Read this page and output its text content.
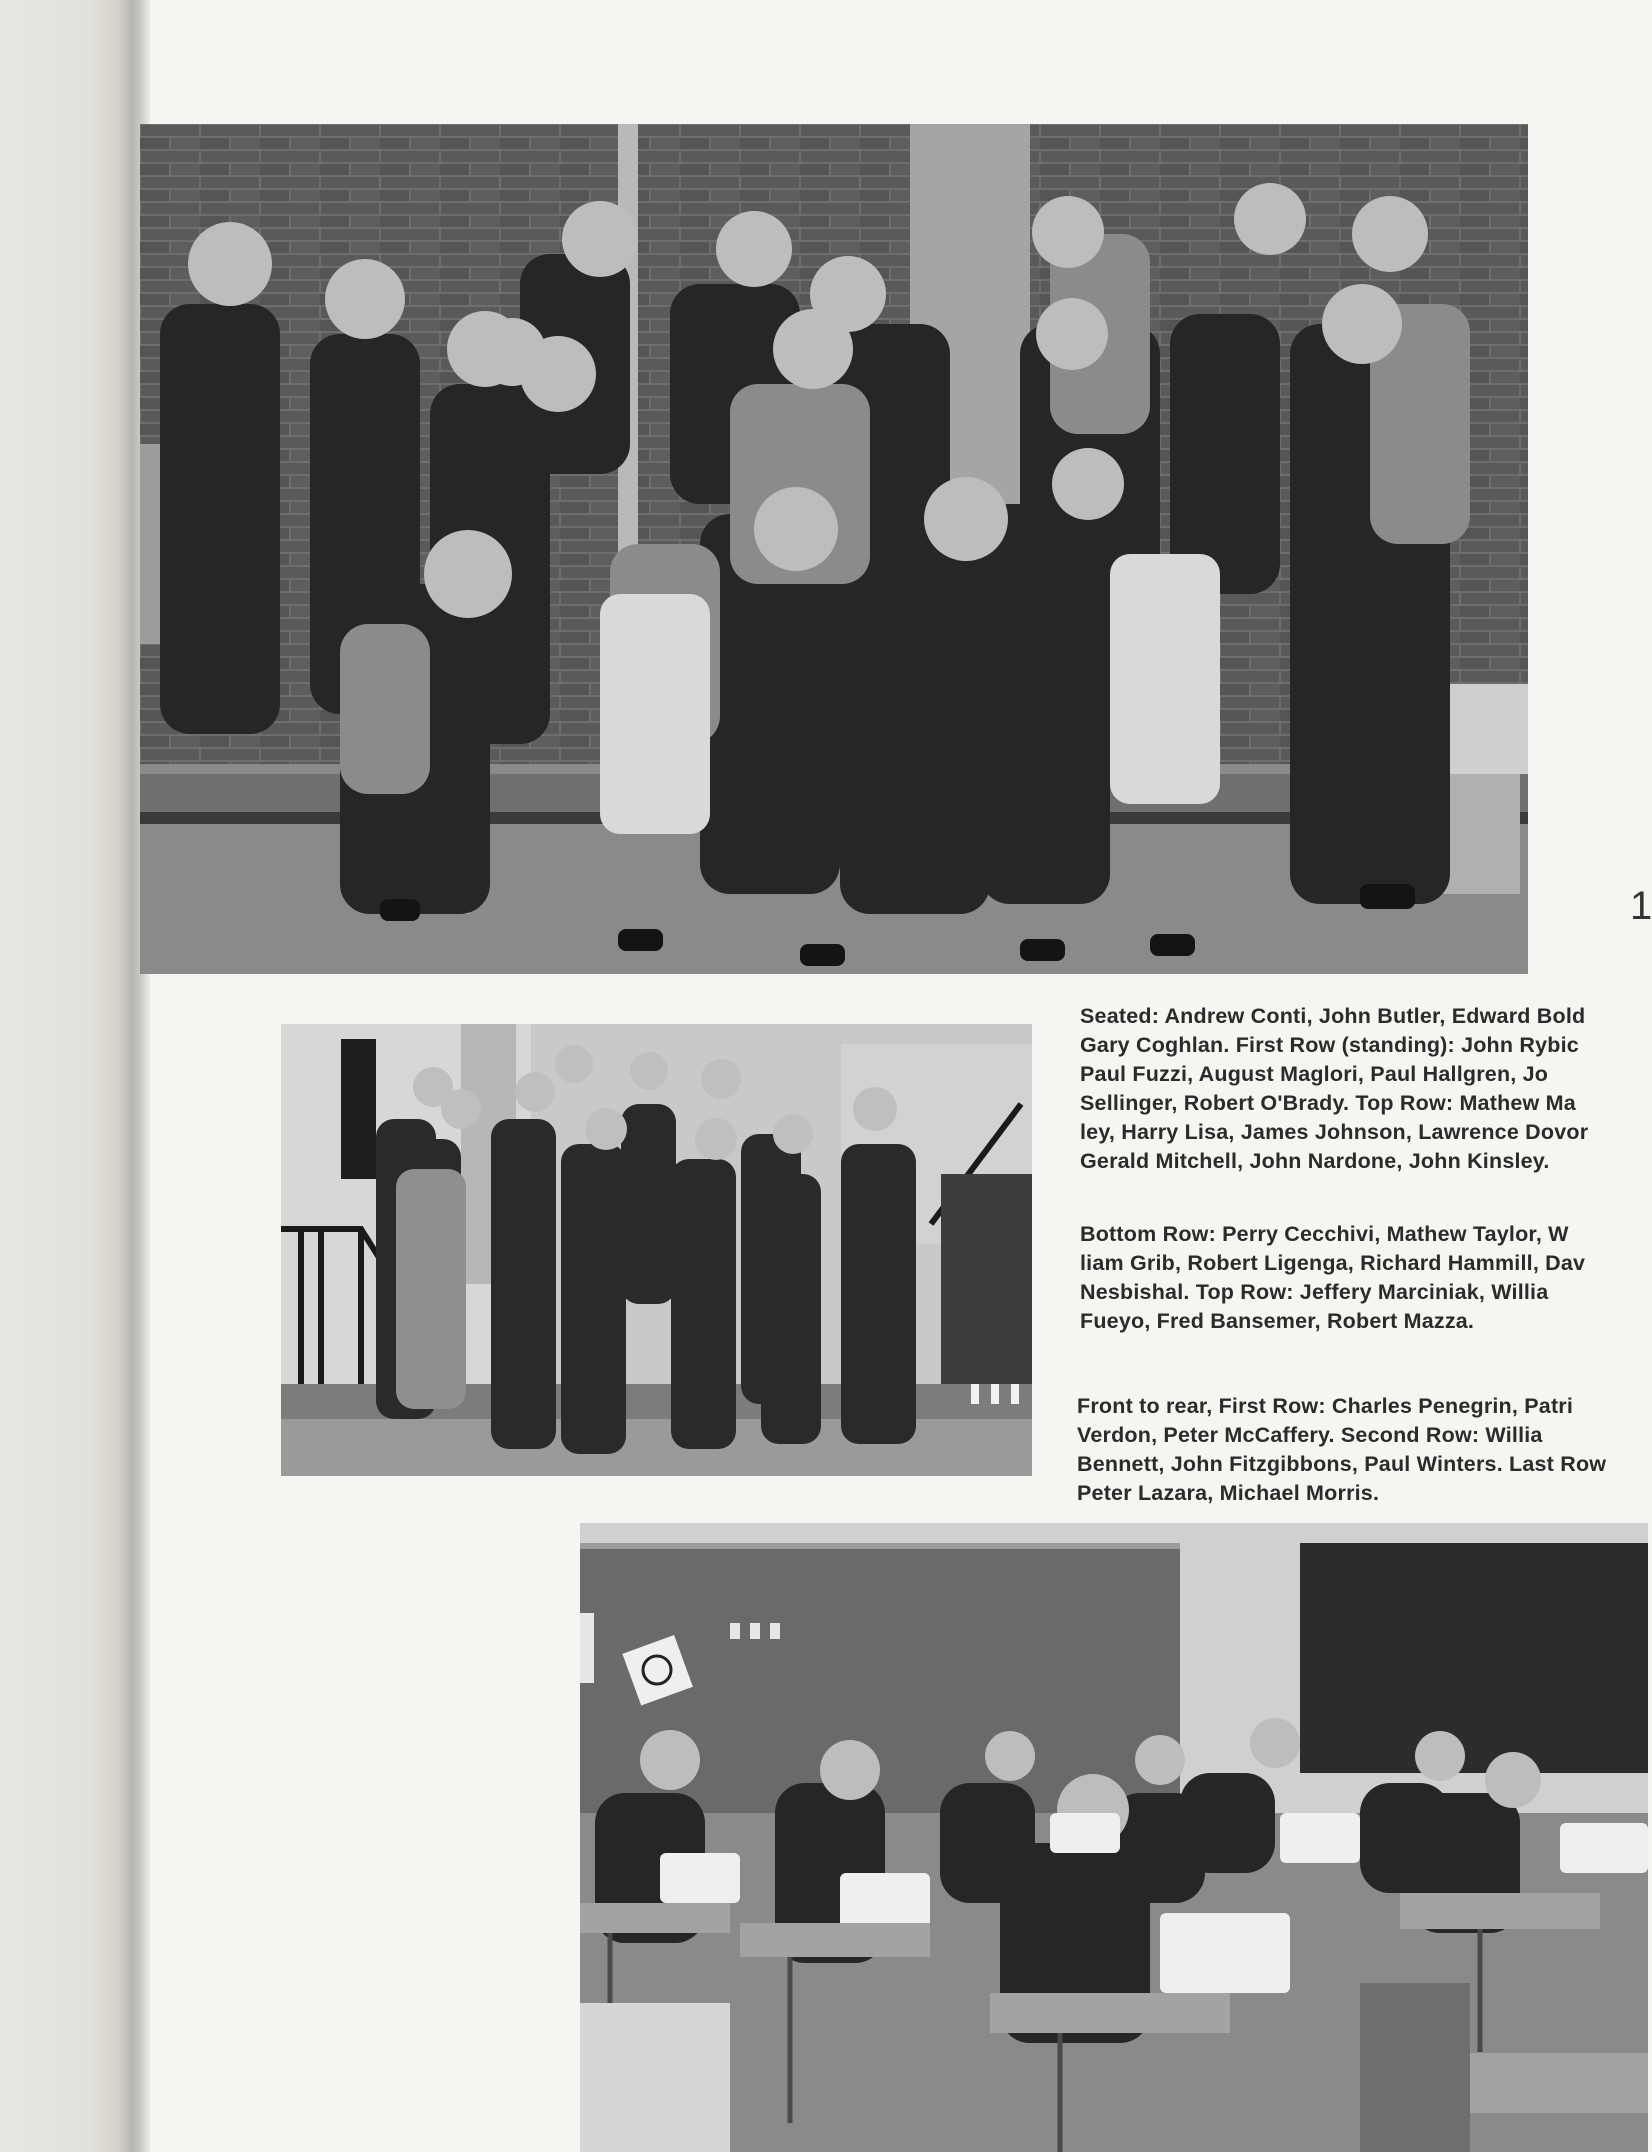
1
Seated: Andrew Conti, John Butler, Edward Bold
Gary Coghlan. First Row (standing): John Rybic
Paul Fuzzi, August Maglori, Paul Hallgren, Jo
Sellinger, Robert O'Brady. Top Row: Mathew Ma
ley, Harry Lisa, James Johnson, Lawrence Dovor
Gerald Mitchell, John Nardone, John Kinsley.
Bottom Row: Perry Cecchivi, Mathew Taylor, W
liam Grib, Robert Ligenga, Richard Hammill, Dav
Nesbishal. Top Row: Jeffery Marciniak, Willia
Fueyo, Fred Bansemer, Robert Mazza.
Front to rear, First Row: Charles Penegrin, Patri
Verdon, Peter McCaffery. Second Row: Willia
Bennett, John Fitzgibbons, Paul Winters. Last Row
Peter Lazara, Michael Morris.
